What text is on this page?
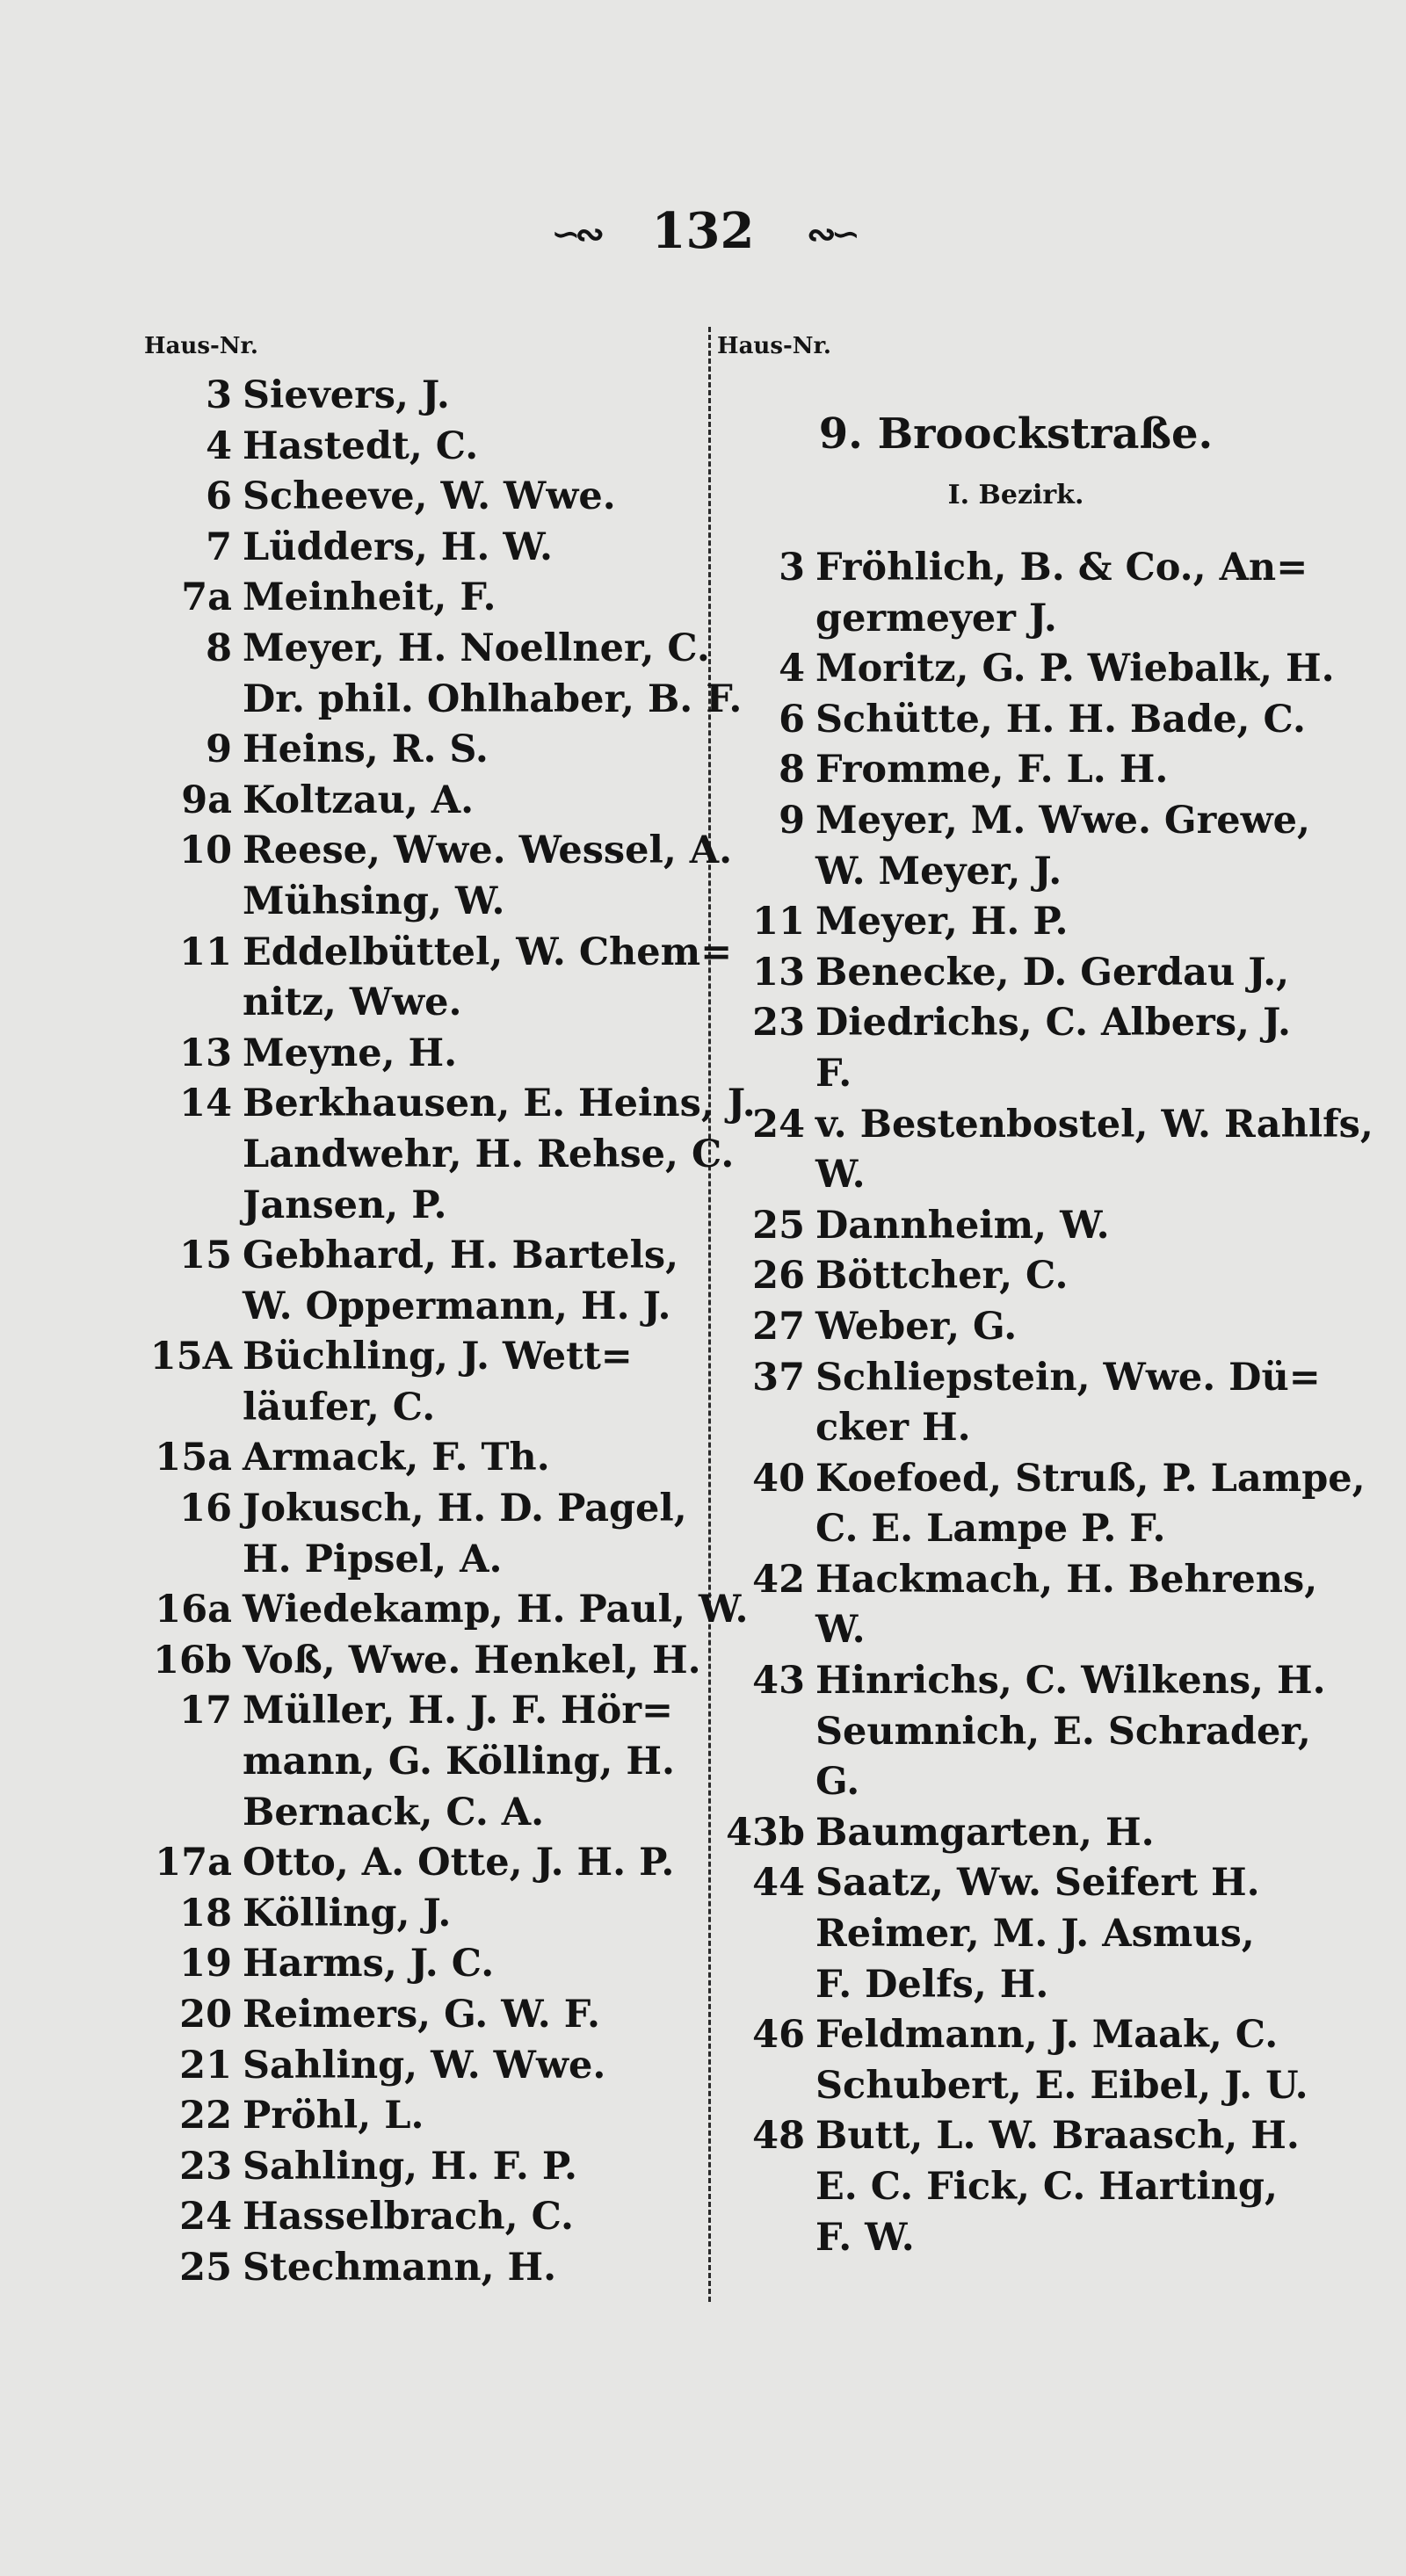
∽∾ 132 ∾∽
Haus-Nr.
3 Sievers, J.
4 Hastedt, C.
6 Scheeve, W. Wwe.
7 Lüdders, H. W.
7a Meinheit, F.
8 Meyer, H. Noellner, C.
Dr. phil. Ohlhaber, B. F.
9 Heins, R. S.
9a Koltzau, A.
10 Reese, Wwe. Wessel, A.
Mühsing, W.
11 Eddelbüttel, W. Chem=
nitz, Wwe.
13 Meyne, H.
14 Berkhausen, E. Heins, J.
Landwehr, H. Rehse, C.
Jansen, P.
15 Gebhard, H. Bartels,
W. Oppermann, H. J.
15A Büchling, J. Wett=
läufer, C.
15a Armack, F. Th.
16 Jokusch, H. D. Pagel,
H. Pipsel, A.
16a Wiedekamp, H. Paul, W.
16b Voß, Wwe. Henkel, H.
17 Müller, H. J. F. Hör=
mann, G. Kölling, H.
Bernack, C. A.
17a Otto, A. Otte, J. H. P.
18 Kölling, J.
19 Harms, J. C.
20 Reimers, G. W. F.
21 Sahling, W. Wwe.
22 Pröhl, L.
23 Sahling, H. F. P.
24 Hasselbrach, C.
25 Stechmann, H.
Haus-Nr.
9. Broockstraße.
I. Bezirk.
3 Fröhlich, B. & Co., An=
germeyer J.
4 Moritz, G. P. Wiebalk, H.
6 Schütte, H. H. Bade, C.
8 Fromme, F. L. H.
9 Meyer, M. Wwe. Grewe,
W. Meyer, J.
11 Meyer, H. P.
13 Benecke, D. Gerdau J.,
23 Diedrichs, C. Albers, J.
F.
24 v. Bestenbostel, W. Rahlfs,
W.
25 Dannheim, W.
26 Böttcher, C.
27 Weber, G.
37 Schliepstein, Wwe. Dü=
cker H.
40 Koefoed, Struß, P. Lampe,
C. E. Lampe P. F.
42 Hackmach, H. Behrens,
W.
43 Hinrichs, C. Wilkens, H.
Seumnich, E. Schrader,
G.
43b Baumgarten, H.
44 Saatz, Ww. Seifert H.
Reimer, M. J. Asmus,
F. Delfs, H.
46 Feldmann, J. Maak, C.
Schubert, E. Eibel, J. U.
48 Butt, L. W. Braasch, H.
E. C. Fick, C. Harting,
F. W.
